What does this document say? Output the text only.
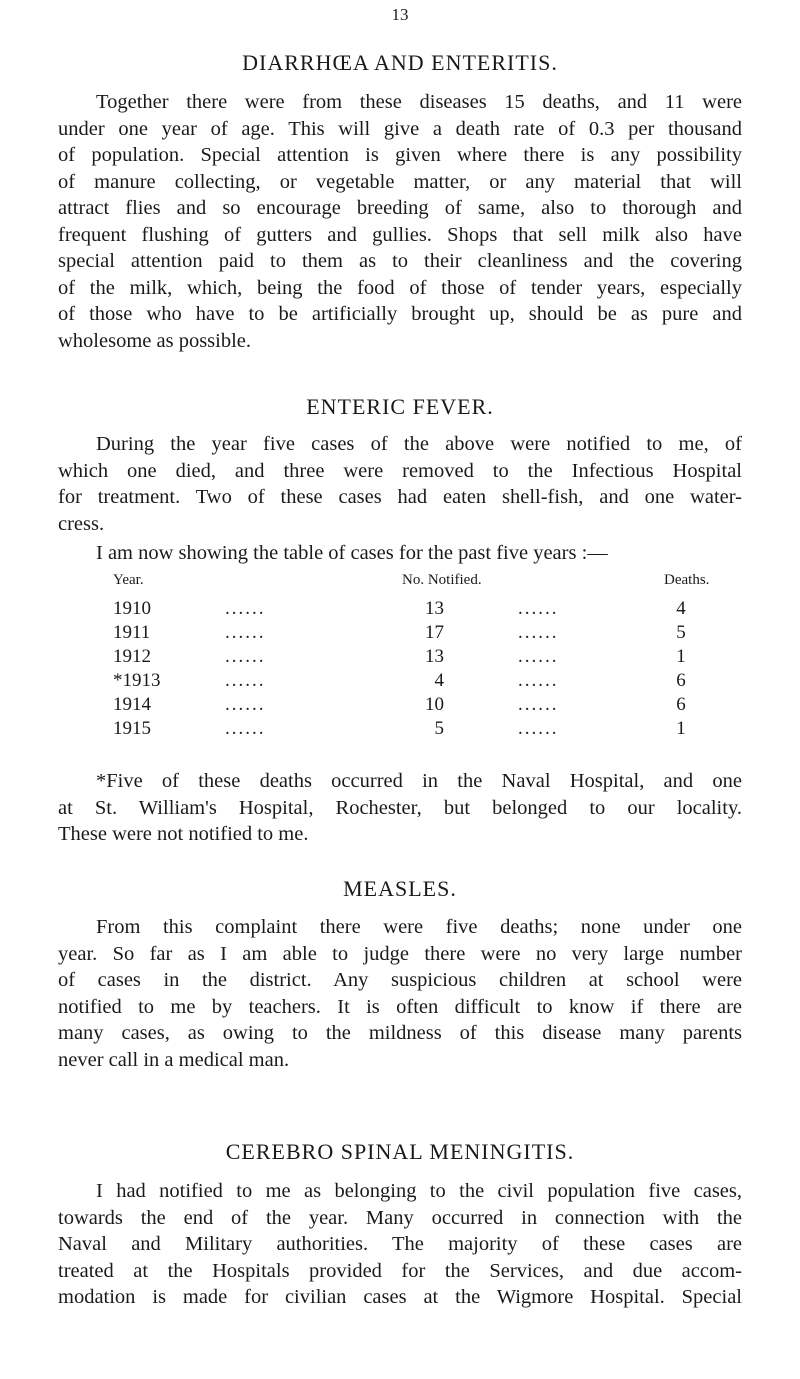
13
DIARRHŒA AND ENTERITIS.
Together there were from these diseases 15 deaths, and 11 were
under one year of age. This will give a death rate of 0.3 per thousand
of population. Special attention is given where there is any possibility
of manure collecting, or vegetable matter, or any material that will
attract flies and so encourage breeding of same, also to thorough and
frequent flushing of gutters and gullies. Shops that sell milk also have
special attention paid to them as to their cleanliness and the covering
of the milk, which, being the food of those of tender years, especially
of those who have to be artificially brought up, should be as pure and
wholesome as possible.
ENTERIC FEVER.
During the year five cases of the above were notified to me, of
which one died, and three were removed to the Infectious Hospital
for treatment. Two of these cases had eaten shell-fish, and one water-
cress.
I am now showing the table of cases for the past five years :—
Year.	No. Notified.	Deaths.
1910	......	13	......	4
1911	......	17	......	5
1912	......	13	......	1
*1913	......	4	......	6
1914	......	10	......	6
1915	......	5	......	1
*Five of these deaths occurred in the Naval Hospital, and one
at St. William's Hospital, Rochester, but belonged to our locality.
These were not notified to me.
MEASLES.
From this complaint there were five deaths; none under one
year. So far as I am able to judge there were no very large number
of cases in the district. Any suspicious children at school were
notified to me by teachers. It is often difficult to know if there are
many cases, as owing to the mildness of this disease many parents
never call in a medical man.
CEREBRO SPINAL MENINGITIS.
I had notified to me as belonging to the civil population five cases,
towards the end of the year. Many occurred in connection with the
Naval and Military authorities. The majority of these cases are
treated at the Hospitals provided for the Services, and due accom-
modation is made for civilian cases at the Wigmore Hospital. Special
